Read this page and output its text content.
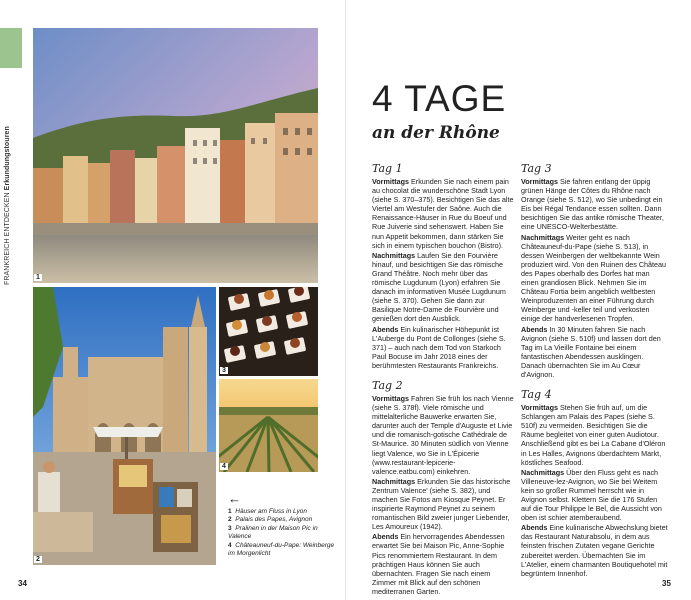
FRANKREICH ENTDECKEN Erkundungstouren
1
2
3
4
←
1 Häuser am Fluss in Lyon
2 Palais des Papes, Avignon
3 Pralinen in der Maison Pic in Valence
4 Châteauneuf-du-Pape: Weinberge im Morgenlicht
34
4 TAGE
an der Rhône
Tag 1

Vormittags Erkunden Sie nach einem pain au chocolat die wunderschöne Stadt Lyon (siehe S. 370–375). Besichtigen Sie das alte Viertel am Westufer der Saône. Auch die Renaissance-Häuser in Rue du Boeuf und Rue Juiverie sind sehenswert. Haben Sie nun Appetit bekommen, dann stärken Sie sich in einem typischen bouchon (Bistro).

Nachmittags Laufen Sie den Fourvière hinauf, und besichtigen Sie das römische Grand Théâtre. Noch mehr über das römische Lugdunum (Lyon) erfahren Sie danach im informativen Musée Lugdunum (siehe S. 370). Gehen Sie dann zur Basilique Notre-Dame de Fourvière und genießen dort den Ausblick.

Abends Ein kulinarischer Höhepunkt ist L'Auberge du Pont de Collonges (siehe S. 371) – auch nach dem Tod von Starkoch Paul Bocuse im Jahr 2018 eines der berühmtesten Restaurants Frankreichs.

Tag 2

Vormittags Fahren Sie früh los nach Vienne (siehe S. 378f). Viele römische und mittelalterliche Bauwerke erwarten Sie, darunter auch der Temple d'Auguste et Livie und die romanisch-gotische Cathédrale de St-Maurice. 30 Minuten südlich von Vienne liegt Valence, wo Sie in L'Épicerie (www.restaurant-lepicerie-valence.eatbu.com) einkehren.

Nachmittags Erkunden Sie das historische Zentrum Valence' (siehe S. 382), und machen Sie Fotos am Kiosque Peynet. Er inspirierte Raymond Peynet zu seinem romantischen Bild zweier junger Liebender, Les Amoureux (1942).

Abends Ein hervorragendes Abendessen erwartet Sie bei Maison Pic, Anne-Sophie Pics renommiertem Restaurant. In dem prächtigen Haus können Sie auch übernachten. Fragen Sie nach einem Zimmer mit Blick auf den schönen mediterranen Garten.

Tag 3

Vormittags Sie fahren entlang der üppig grünen Hänge der Côtes du Rhône nach Orange (siehe S. 512), wo Sie unbedingt ein Eis bei Régal Tendance essen sollten. Dann besichtigen Sie das antike römische Theater, eine UNESCO-Welterbestätte.

Nachmittags Weiter geht es nach Châteauneuf-du-Pape (siehe S. 513), in dessen Weinbergen der weltbekannte Wein produziert wird. Von den Ruinen des Château des Papes oberhalb des Dorfes hat man einen grandiosen Blick. Nehmen Sie im Château Fortia beim angeblich weltbesten Weinproduzenten an einer Führung durch Weinberge und -keller teil und verkosten einige der handverlesenen Tropfen.

Abends In 30 Minuten fahren Sie nach Avignon (siehe S. 510f) und lassen dort den Tag im La Vieille Fontaine bei einem fantastischen Abendessen ausklingen. Danach übernachten Sie im Au Cœur d'Avignon.

Tag 4

Vormittags Stehen Sie früh auf, um die Schlangen am Palais des Papes (siehe S. 510f) zu vermeiden. Besichtigen Sie die Räume begleitet von einer guten Audiotour. Anschließend gibt es bei La Cabane d'Oléron in Les Halles, Avignons überdachtem Markt, köstliches Seafood.

Nachmittags Über den Fluss geht es nach Villeneuve-lez-Avignon, wo Sie bei Weitem kein so großer Rummel herrscht wie in Avignon selbst. Klettern Sie die 176 Stufen auf die Tour Philippe le Bel, die Aussicht von oben ist schier atemberaubend.

Abends Eine kulinarische Abwechslung bietet das Restaurant Naturabsolu, in dem aus feinsten frischen Zutaten vegane Gerichte zubereitet werden. Übernachten Sie im L'Atelier, einem charmanten Boutiquehotel mit begrüntem Innenhof.

35
